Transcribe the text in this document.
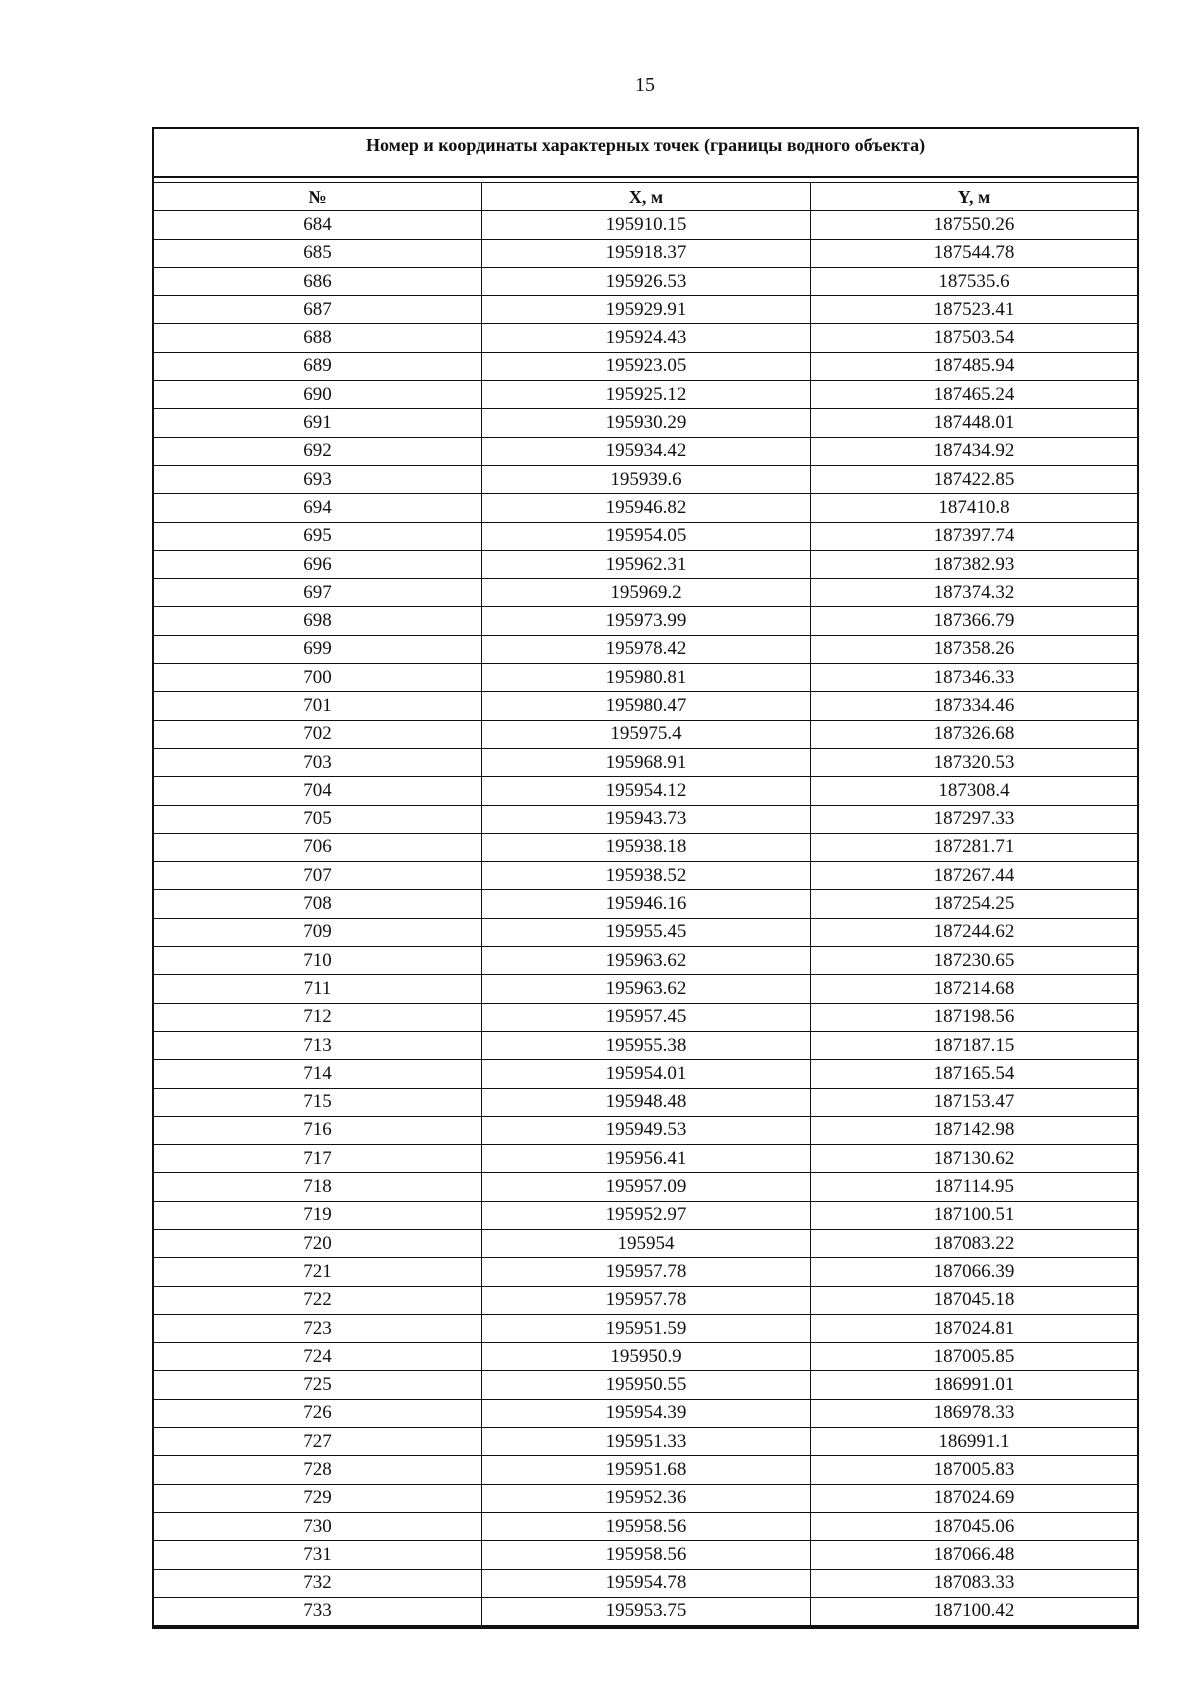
15
Номер и координаты характерных точек (границы водного объекта)
№	X, м	Y, м
684	195910.15	187550.26
685	195918.37	187544.78
686	195926.53	187535.6
687	195929.91	187523.41
688	195924.43	187503.54
689	195923.05	187485.94
690	195925.12	187465.24
691	195930.29	187448.01
692	195934.42	187434.92
693	195939.6	187422.85
694	195946.82	187410.8
695	195954.05	187397.74
696	195962.31	187382.93
697	195969.2	187374.32
698	195973.99	187366.79
699	195978.42	187358.26
700	195980.81	187346.33
701	195980.47	187334.46
702	195975.4	187326.68
703	195968.91	187320.53
704	195954.12	187308.4
705	195943.73	187297.33
706	195938.18	187281.71
707	195938.52	187267.44
708	195946.16	187254.25
709	195955.45	187244.62
710	195963.62	187230.65
711	195963.62	187214.68
712	195957.45	187198.56
713	195955.38	187187.15
714	195954.01	187165.54
715	195948.48	187153.47
716	195949.53	187142.98
717	195956.41	187130.62
718	195957.09	187114.95
719	195952.97	187100.51
720	195954	187083.22
721	195957.78	187066.39
722	195957.78	187045.18
723	195951.59	187024.81
724	195950.9	187005.85
725	195950.55	186991.01
726	195954.39	186978.33
727	195951.33	186991.1
728	195951.68	187005.83
729	195952.36	187024.69
730	195958.56	187045.06
731	195958.56	187066.48
732	195954.78	187083.33
733	195953.75	187100.42
